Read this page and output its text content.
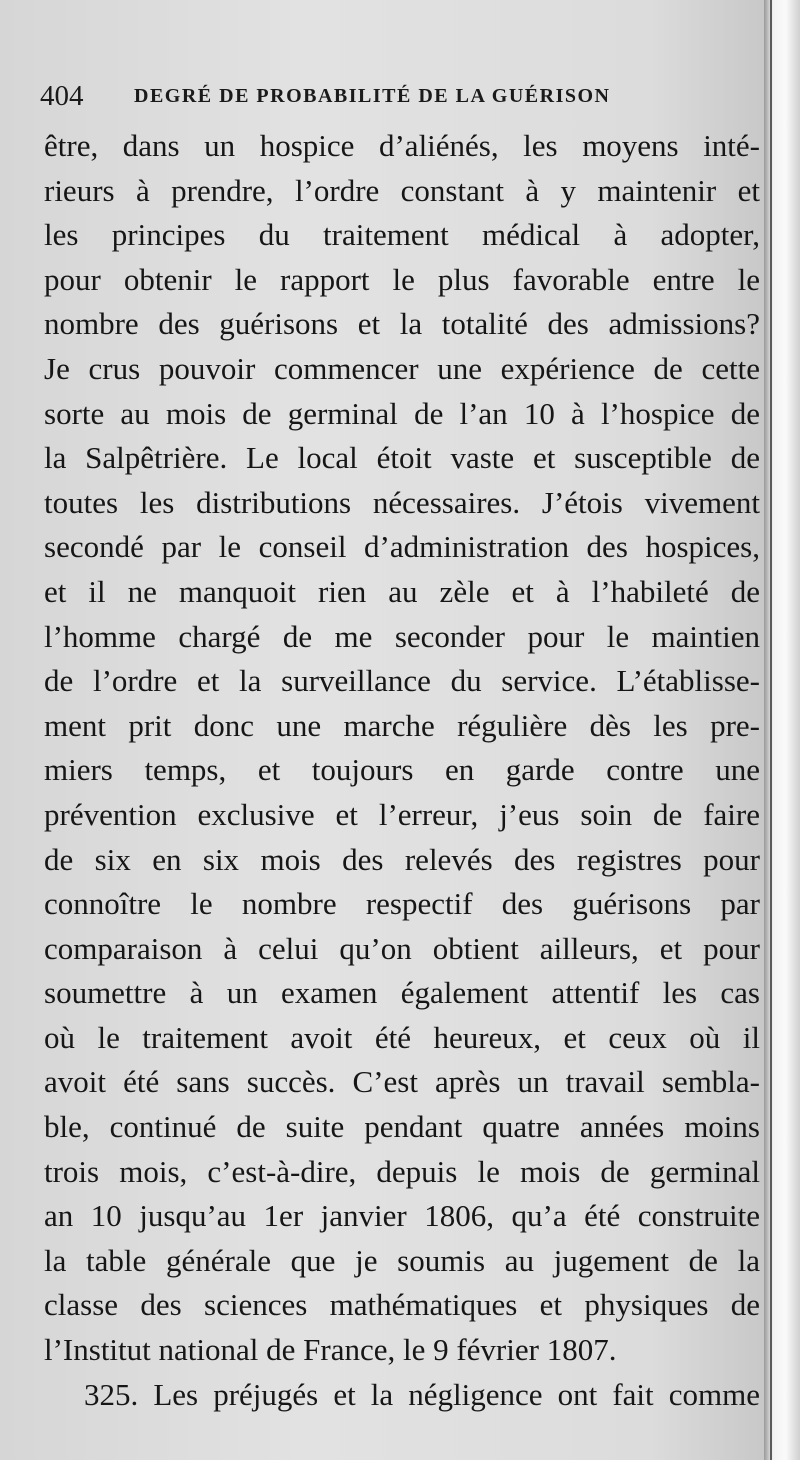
404	DEGRÉ DE PROBABILITÉ DE LA GUÉRISON
être, dans un hospice d’aliénés, les moyens inté-
rieurs à prendre, l’ordre constant à y maintenir et
les principes du traitement médical à adopter,
pour obtenir le rapport le plus favorable entre le
nombre des guérisons et la totalité des admissions?
Je crus pouvoir commencer une expérience de cette
sorte au mois de germinal de l’an 10 à l’hospice de
la Salpêtrière. Le local étoit vaste et susceptible de
toutes les distributions nécessaires. J’étois vivement
secondé par le conseil d’administration des hospices,
et il ne manquoit rien au zèle et à l’habileté de
l’homme chargé de me seconder pour le maintien
de l’ordre et la surveillance du service. L’établisse-
ment prit donc une marche régulière dès les pre-
miers temps, et toujours en garde contre une
prévention exclusive et l’erreur, j’eus soin de faire
de six en six mois des relevés des registres pour
connoître le nombre respectif des guérisons par
comparaison à celui qu’on obtient ailleurs, et pour
soumettre à un examen également attentif les cas
où le traitement avoit été heureux, et ceux où il
avoit été sans succès. C’est après un travail sembla-
ble, continué de suite pendant quatre années moins
trois mois, c’est-à-dire, depuis le mois de germinal
an 10 jusqu’au 1er janvier 1806, qu’a été construite
la table générale que je soumis au jugement de la
classe des sciences mathématiques et physiques de
l’Institut national de France, le 9 février 1807.
325. Les préjugés et la négligence ont fait comme
